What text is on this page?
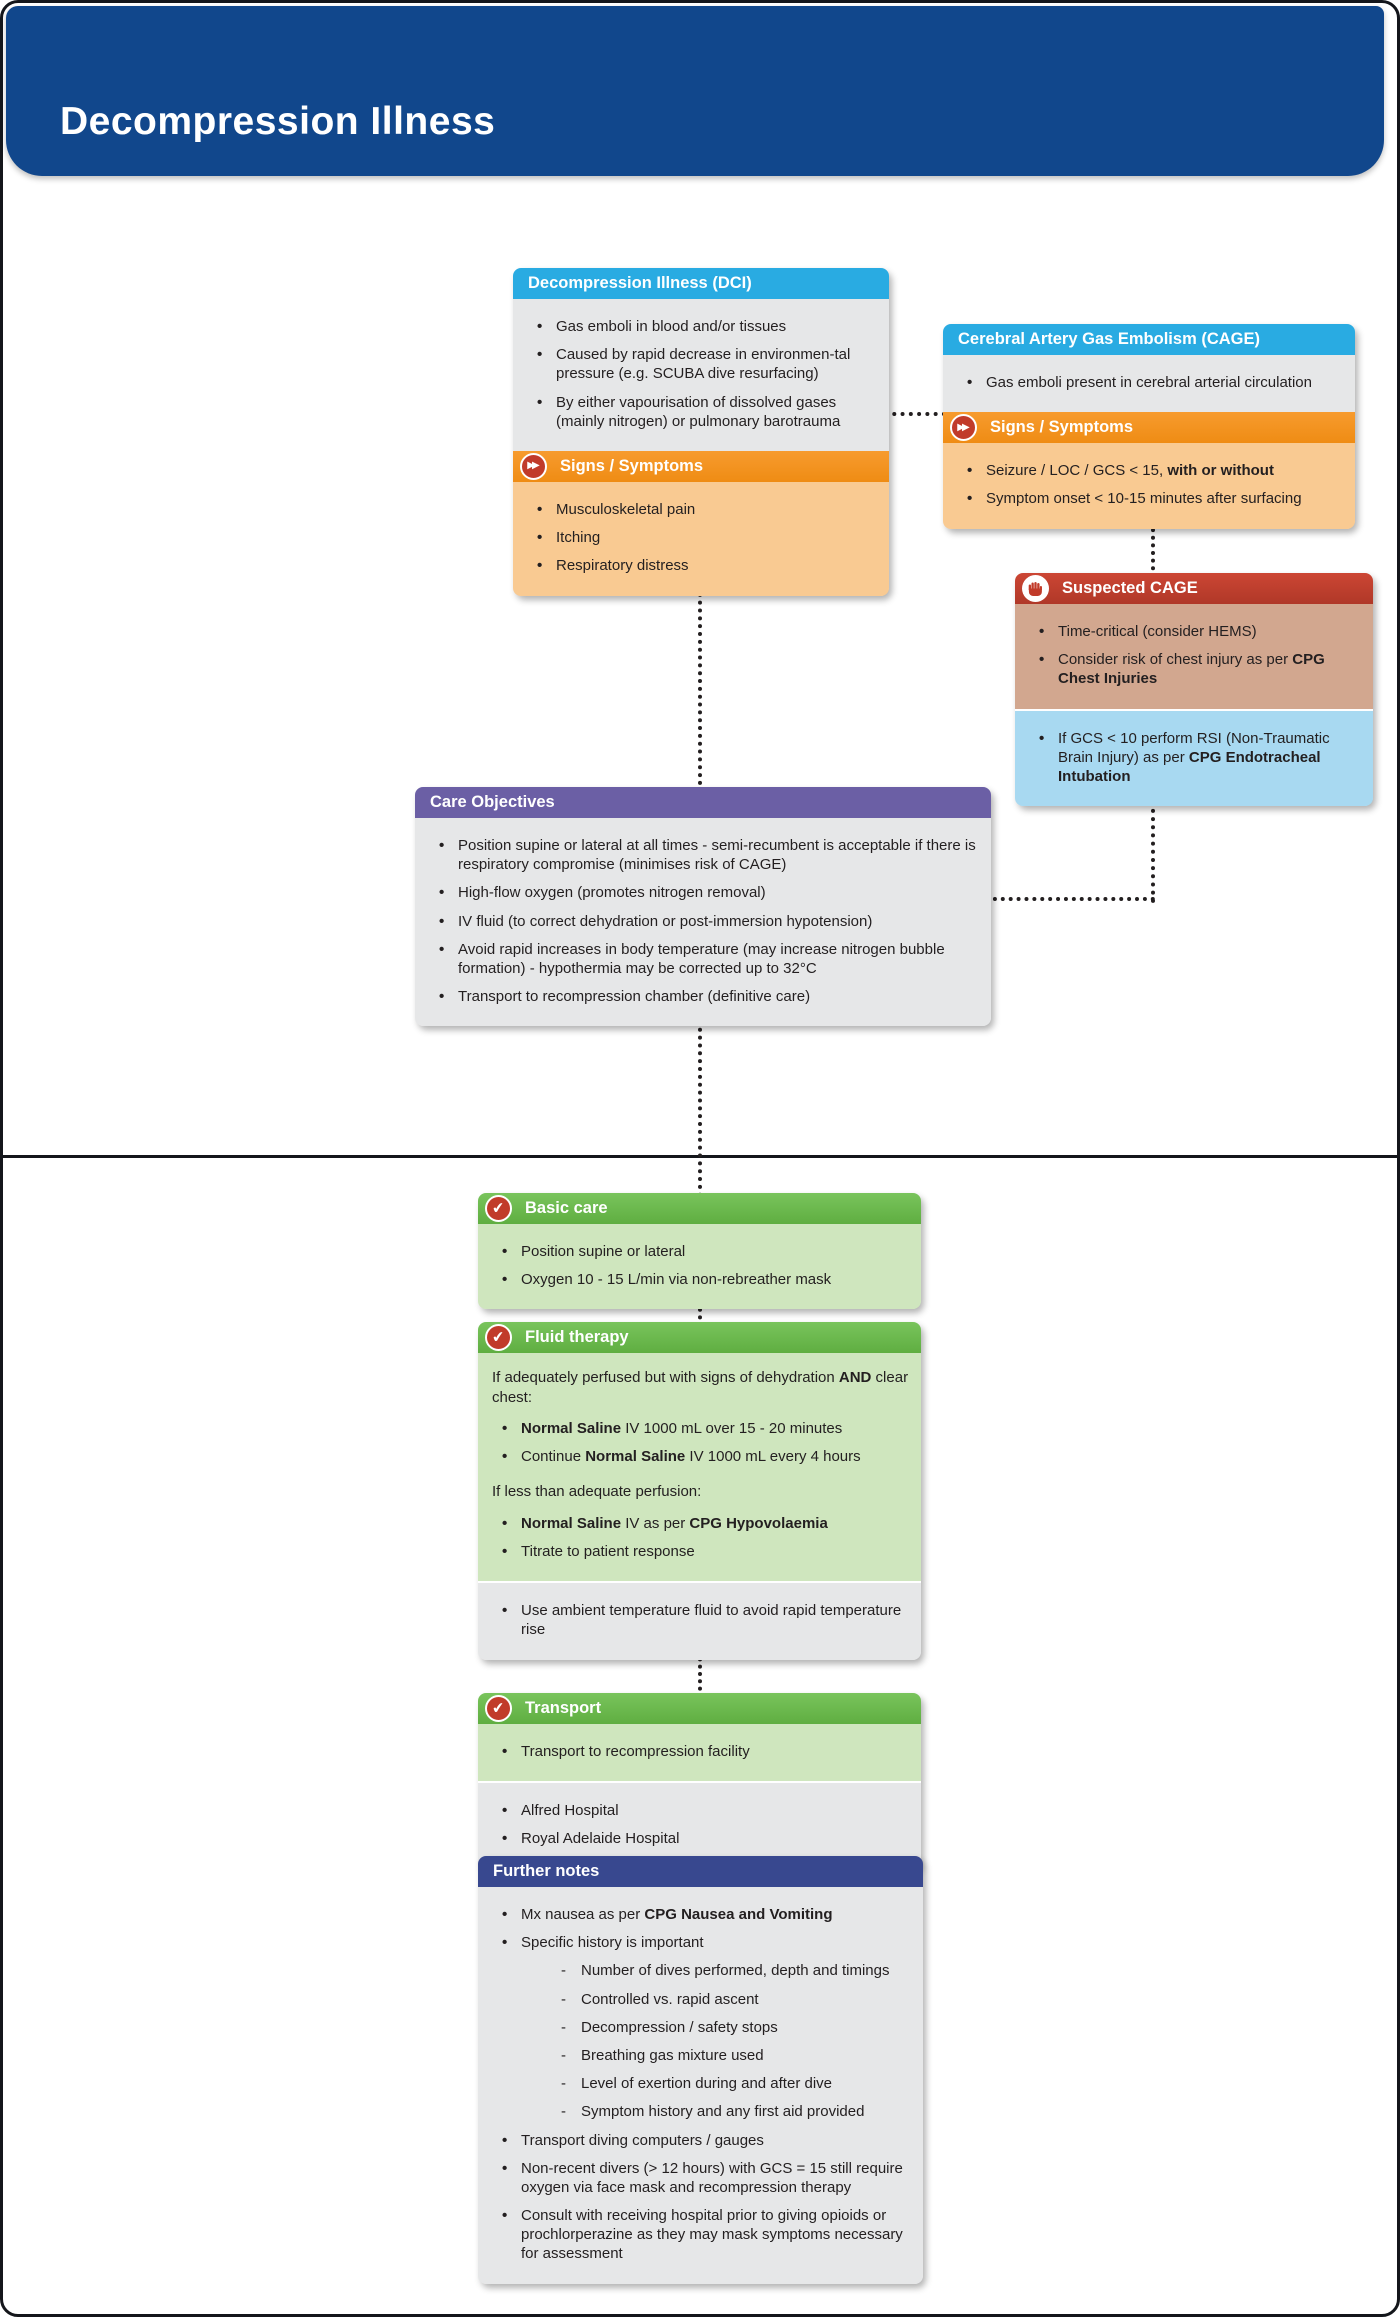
Decompression Illness
Decompression Illness (DCI)
• Gas emboli in blood and/or tissues
• Caused by rapid decrease in environmen-tal pressure (e.g. SCUBA dive resurfacing)
• By either vapourisation of dissolved gases (mainly nitrogen) or pulmonary barotrauma
▶▶ Signs / Symptoms
• Musculoskeletal pain
• Itching
• Respiratory distress
Cerebral Artery Gas Embolism (CAGE)
• Gas emboli present in cerebral arterial circulation
▶▶ Signs / Symptoms
• Seizure / LOC / GCS < 15, with or without
• Symptom onset < 10-15 minutes after surfacing
Suspected CAGE
• Time-critical (consider HEMS)
• Consider risk of chest injury as per CPG Chest Injuries
• If GCS < 10 perform RSI (Non-Traumatic Brain Injury) as per CPG Endotracheal Intubation
Care Objectives
• Position supine or lateral at all times - semi-recumbent is acceptable if there is respiratory compromise (minimises risk of CAGE)
• High-flow oxygen (promotes nitrogen removal)
• IV fluid (to correct dehydration or post-immersion hypotension)
• Avoid rapid increases in body temperature (may increase nitrogen bubble formation) - hypothermia may be corrected up to 32°C
• Transport to recompression chamber (definitive care)
✔ Basic care
• Position supine or lateral
• Oxygen 10 - 15 L/min via non-rebreather mask
✔ Fluid therapy

If adequately perfused but with signs of dehydration AND clear chest:

• Normal Saline IV 1000 mL over 15 - 20 minutes
• Continue Normal Saline IV 1000 mL every 4 hours

If less than adequate perfusion:

• Normal Saline IV as per CPG Hypovolaemia
• Titrate to patient response
• Use ambient temperature fluid to avoid rapid temperature rise
✔ Transport
• Transport to recompression facility
• Alfred Hospital
• Royal Adelaide Hospital
Further notes
• Mx nausea as per CPG Nausea and Vomiting
• Specific history is important
- Number of dives performed, depth and timings
- Controlled vs. rapid ascent
- Decompression / safety stops
- Breathing gas mixture used
- Level of exertion during and after dive
- Symptom history and any first aid provided
• Transport diving computers / gauges
• Non-recent divers (> 12 hours) with GCS = 15 still require oxygen via face mask and recompression therapy
• Consult with receiving hospital prior to giving opioids or prochlorperazine as they may mask symptoms necessary for assessment
